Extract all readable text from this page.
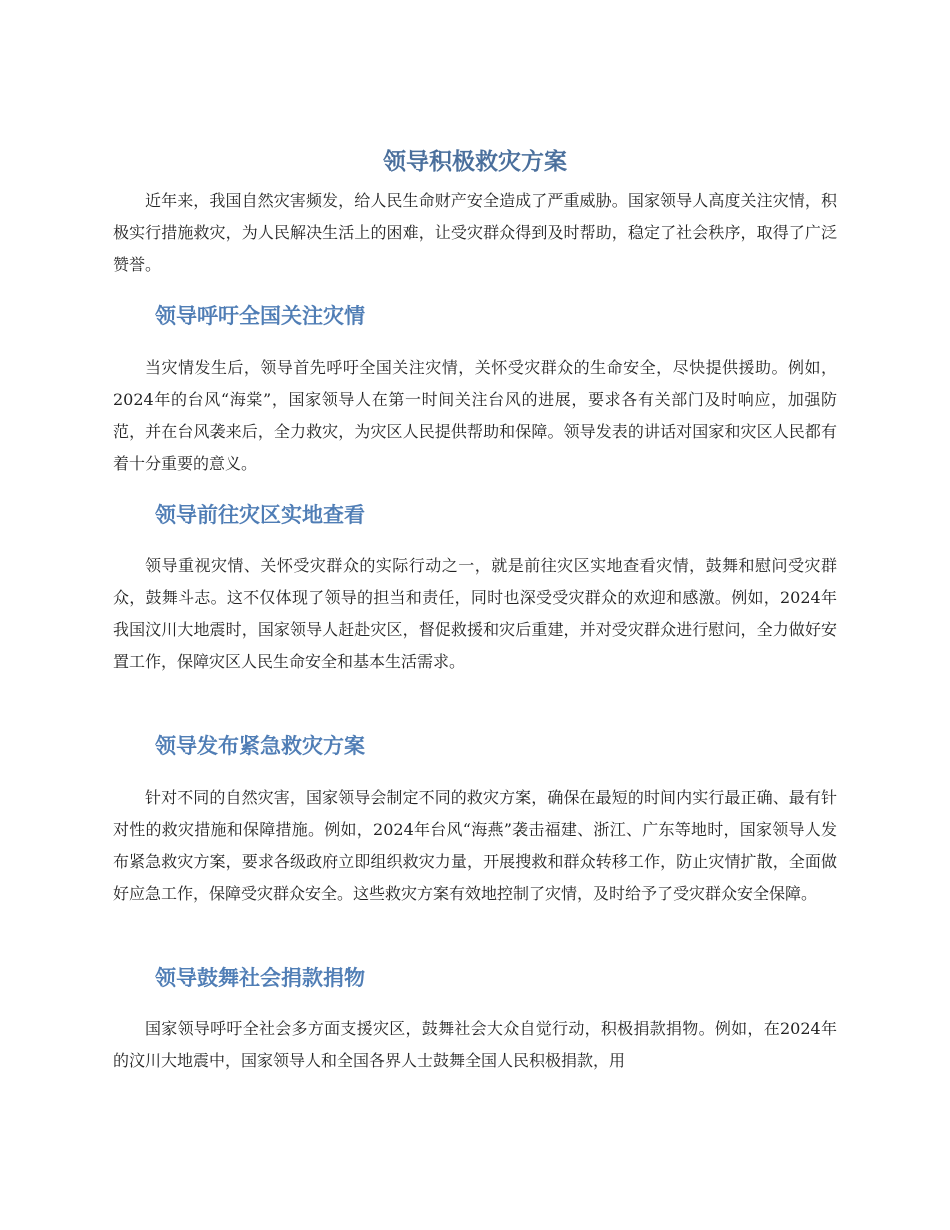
领导积极救灾方案

近年来，我国自然灾害频发，给人民生命财产安全造成了严重威胁。国家领导人高度关注灾情，积极实行措施救灾，为人民解决生活上的困难，让受灾群众得到及时帮助，稳定了社会秩序，取得了广泛赞誉。

领导呼吁全国关注灾情

当灾情发生后，领导首先呼吁全国关注灾情，关怀受灾群众的生命安全，尽快提供援助。例如，2024年的台风“海棠”，国家领导人在第一时间关注台风的进展，要求各有关部门及时响应，加强防范，并在台风袭来后，全力救灾，为灾区人民提供帮助和保障。领导发表的讲话对国家和灾区人民都有着十分重要的意义。

领导前往灾区实地查看

领导重视灾情、关怀受灾群众的实际行动之一，就是前往灾区实地查看灾情，鼓舞和慰问受灾群众，鼓舞斗志。这不仅体现了领导的担当和责任，同时也深受受灾群众的欢迎和感激。例如，2024年我国汶川大地震时，国家领导人赶赴灾区，督促救援和灾后重建，并对受灾群众进行慰问，全力做好安置工作，保障灾区人民生命安全和基本生活需求。

领导发布紧急救灾方案

针对不同的自然灾害，国家领导会制定不同的救灾方案，确保在最短的时间内实行最正确、最有针对性的救灾措施和保障措施。例如，2024年台风“海燕”袭击福建、浙江、广东等地时，国家领导人发布紧急救灾方案，要求各级政府立即组织救灾力量，开展搜救和群众转移工作，防止灾情扩散，全面做好应急工作，保障受灾群众安全。这些救灾方案有效地控制了灾情，及时给予了受灾群众安全保障。

领导鼓舞社会捐款捐物

国家领导呼吁全社会多方面支援灾区，鼓舞社会大众自觉行动，积极捐款捐物。例如，在2024年的汶川大地震中，国家领导人和全国各界人士鼓舞全国人民积极捐款，用
